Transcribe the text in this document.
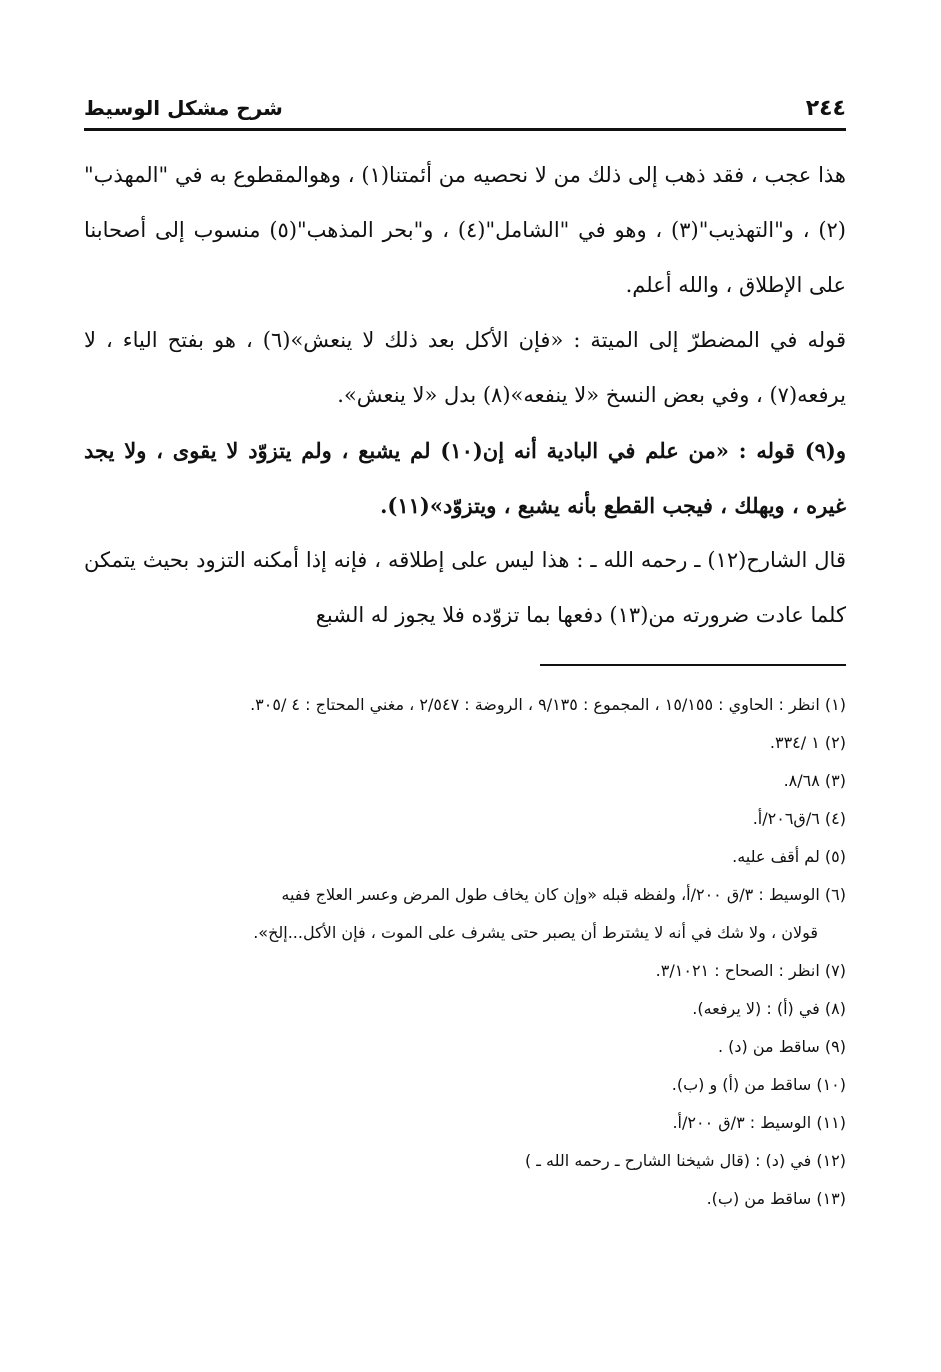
شرح مشكل الوسيط	٢٤٤

هذا عجب ، فقد ذهب إلى ذلك من لا نحصيه من أئمتنا(١) ، وهوالمقطوع به في "المهذب"(٢) ، و"التهذيب"(٣) ، وهو في "الشامل"(٤) ، و"بحر المذهب"(٥) منسوب إلى أصحابنا على الإطلاق ، والله أعلم.

قوله في المضطرّ إلى الميتة : «فإن الأكل بعد ذلك لا ينعش»(٦) ، هو بفتح الياء ، لا يرفعه(٧) ، وفي بعض النسخ «لا ينفعه»(٨) بدل «لا ينعش».

و(٩) قوله : «من علم في البادية أنه إن(١٠) لم يشبع ، ولم يتزوّد لا يقوى ، ولا يجد غيره ، ويهلك ، فيجب القطع بأنه يشبع ، ويتزوّد»(١١).

قال الشارح(١٢) ـ رحمه الله ـ : هذا ليس على إطلاقه ، فإنه إذا أمكنه التزود بحيث يتمكن كلما عادت ضرورته من(١٣) دفعها بما تزوّده فلا يجوز له الشبع

(١) انظر : الحاوي : ١٥/١٥٥ ، المجموع : ٩/١٣٥ ، الروضة : ٢/٥٤٧ ، مغني المحتاج : ٤ /٣٠٥.
(٢) ١ /٣٣٤.
(٣) ٨/٦٨.
(٤) ٦/ق٢٠٦/أ.
(٥) لم أقف عليه.
(٦) الوسيط : ٣/ق ٢٠٠/أ، ولفظه قبله «وإن كان يخاف طول المرض وعسر العلاج ففيه
قولان ، ولا شك في أنه لا يشترط أن يصبر حتى يشرف على الموت ، فإن الأكل...إلخ».
(٧) انظر : الصحاح : ٣/١٠٢١.
(٨) في (أ) : (لا يرفعه).
(٩) ساقط من (د) .
(١٠) ساقط من (أ) و (ب).
(١١) الوسيط : ٣/ق ٢٠٠/أ.
(١٢) في (د) : (قال شيخنا الشارح ـ رحمه الله ـ )
(١٣) ساقط من (ب).
